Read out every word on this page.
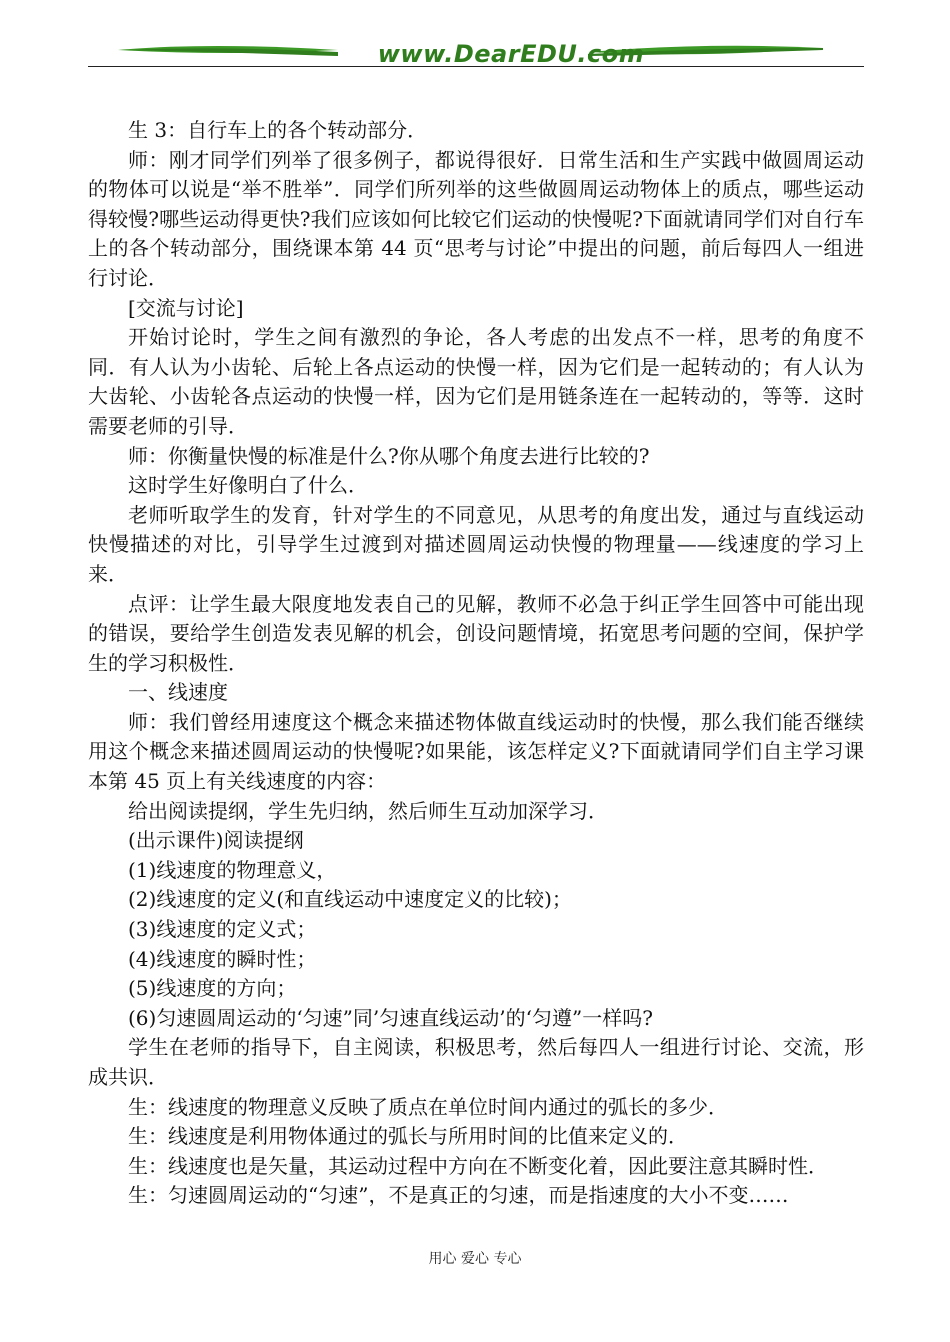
www.DearEDU.com

生 3：自行车上的各个转动部分．

师：刚才同学们列举了很多例子，都说得很好．日常生活和生产实践中做圆周运动的物体可以说是“举不胜举”．同学们所列举的这些做圆周运动物体上的质点，哪些运动得较慢?哪些运动得更快?我们应该如何比较它们运动的快慢呢?下面就请同学们对自行车上的各个转动部分，围绕课本第 44 页“思考与讨论”中提出的问题，前后每四人一组进行讨论．

[交流与讨论]

开始讨论时，学生之间有激烈的争论，各人考虑的出发点不一样，思考的角度不同．有人认为小齿轮、后轮上各点运动的快慢一样，因为它们是一起转动的；有人认为大齿轮、小齿轮各点运动的快慢一样，因为它们是用链条连在一起转动的，等等．这时需要老师的引导．

师：你衡量快慢的标准是什么?你从哪个角度去进行比较的?

这时学生好像明白了什么．

老师听取学生的发育，针对学生的不同意见，从思考的角度出发，通过与直线运动快慢描述的对比，引导学生过渡到对描述圆周运动快慢的物理量——线速度的学习上来．

点评：让学生最大限度地发表自己的见解，教师不必急于纠正学生回答中可能出现的错误，要给学生创造发表见解的机会，创设问题情境，拓宽思考问题的空间，保护学生的学习积极性．

一、线速度

师：我们曾经用速度这个概念来描述物体做直线运动时的快慢，那么我们能否继续用这个概念来描述圆周运动的快慢呢?如果能，该怎样定义?下面就请同学们自主学习课本第 45 页上有关线速度的内容：

给出阅读提纲，学生先归纳，然后师生互动加深学习．

(出示课件)阅读提纲

(1)线速度的物理意义，

(2)线速度的定义(和直线运动中速度定义的比较)；

(3)线速度的定义式；

(4)线速度的瞬时性；

(5)线速度的方向；

(6)匀速圆周运动的‘匀速”同’匀速直线运动’的‘匀遵”一样吗?

学生在老师的指导下，自主阅读，积极思考，然后每四人一组进行讨论、交流，形成共识．

生：线速度的物理意义反映了质点在单位时间内通过的弧长的多少．

生：线速度是利用物体通过的弧长与所用时间的比值来定义的．

生：线速度也是矢量，其运动过程中方向在不断变化着，因此要注意其瞬时性．

生：匀速圆周运动的“匀速”，不是真正的匀速，而是指速度的大小不变……

用心 爱心 专心
